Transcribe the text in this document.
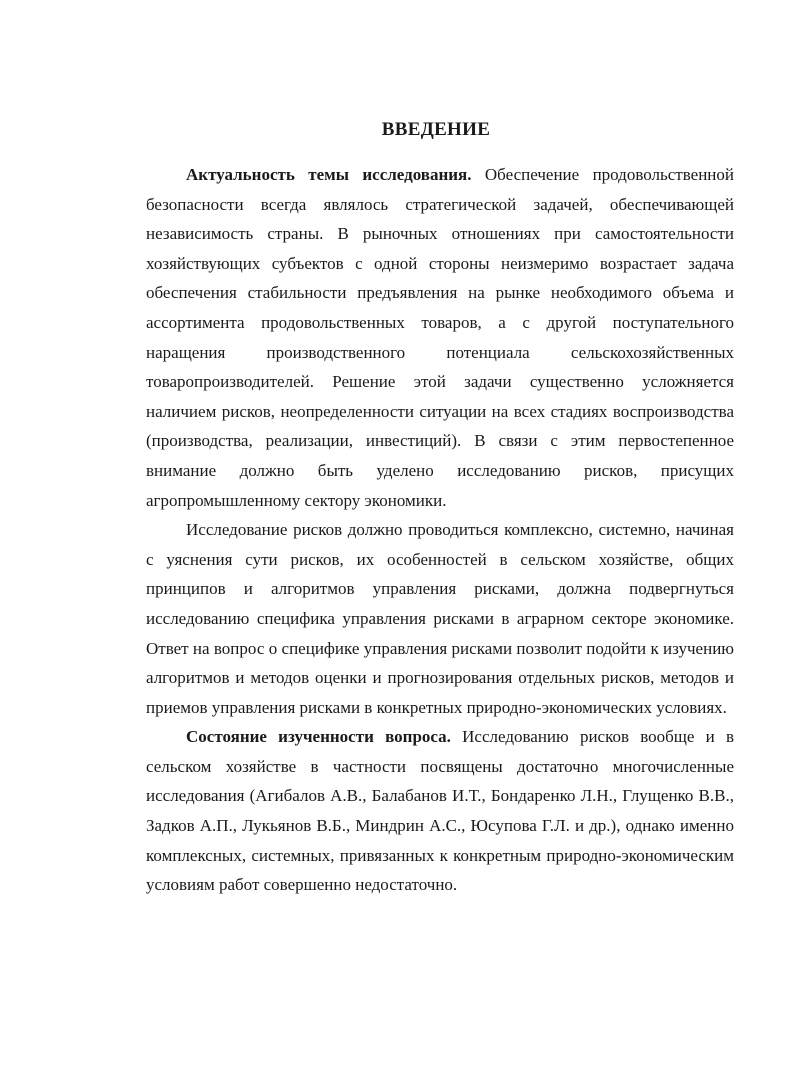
ВВЕДЕНИЕ

Актуальность темы исследования. Обеспечение продовольственной безопасности всегда являлось стратегической задачей, обеспечивающей независимость страны. В рыночных отношениях при самостоятельности хозяйствующих субъектов с одной стороны неизмеримо возрастает задача обеспечения стабильности предъявления на рынке необходимого объема и ассортимента продовольственных товаров, а с другой поступательного наращения производственного потенциала сельскохозяйственных товаропроизводителей. Решение этой задачи существенно усложняется наличием рисков, неопределенности ситуации на всех стадиях воспроизводства (производства, реализации, инвестиций). В связи с этим первостепенное внимание должно быть уделено исследованию рисков, присущих агропромышленному сектору экономики.

Исследование рисков должно проводиться комплексно, системно, начиная с уяснения сути рисков, их особенностей в сельском хозяйстве, общих принципов и алгоритмов управления рисками, должна подвергнуться исследованию специфика управления рисками в аграрном секторе экономике. Ответ на вопрос о специфике управления рисками позволит подойти к изучению алгоритмов и методов оценки и прогнозирования отдельных рисков, методов и приемов управления рисками в конкретных природно-экономических условиях.

Состояние изученности вопроса. Исследованию рисков вообще и в сельском хозяйстве в частности посвящены достаточно многочисленные исследования (Агибалов А.В., Балабанов И.Т., Бондаренко Л.Н., Глущенко В.В., Задков А.П., Лукьянов В.Б., Миндрин А.С., Юсупова Г.Л. и др.), однако именно комплексных, системных, привязанных к конкретным природно-экономическим условиям работ совершенно недостаточно.
